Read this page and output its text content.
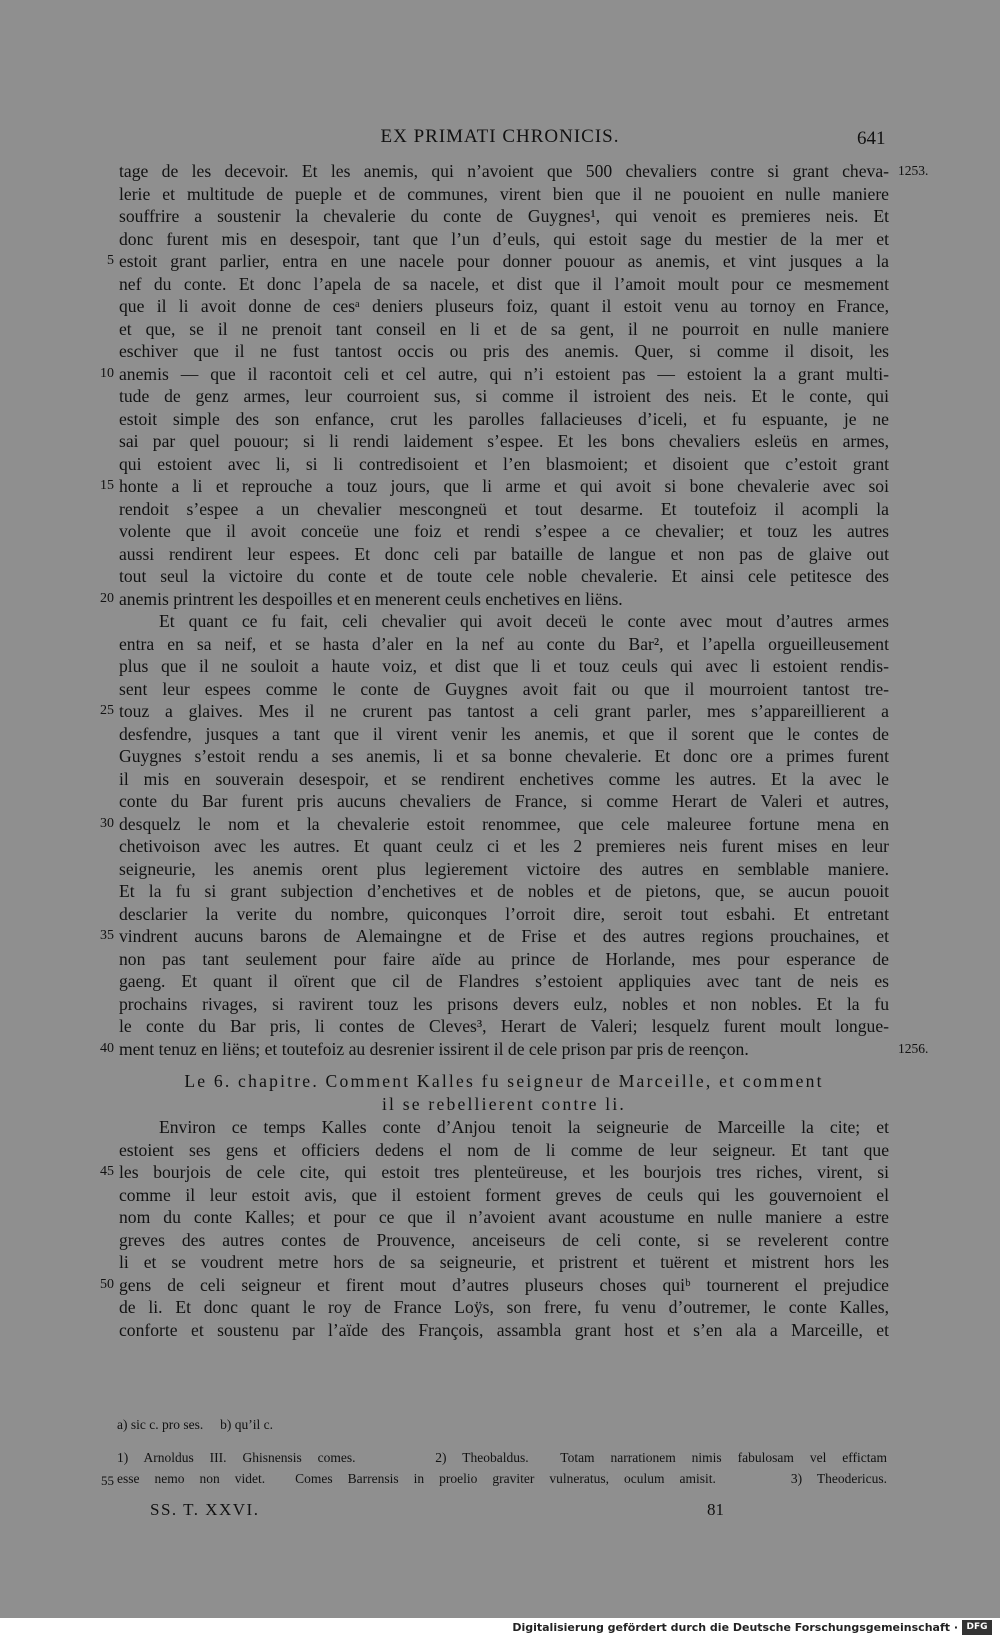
EX PRIMATI CHRONICIS.	641
tage de les decevoir. Et les anemis, qui n’avoient que 500 chevaliers contre si grant cheva- 1253.
lerie et multitude de pueple et de communes, virent bien que il ne pouoient en nulle maniere
souffrire a soustenir la chevalerie du conte de Guygnes¹, qui venoit es premieres neis. Et
donc furent mis en desespoir, tant que l’un d’euls, qui estoit sage du mestier de la mer et
estoit grant parlier, entra en une nacele pour donner pouour as anemis, et vint jusques a la
5
nef du conte. Et donc l’apela de sa nacele, et dist que il l’amoit moult pour ce mesmement
que il li avoit donne de cesᵃ deniers pluseurs foiz, quant il estoit venu au tornoy en France,
et que, se il ne prenoit tant conseil en li et de sa gent, il ne pourroit en nulle maniere
eschiver que il ne fust tantost occis ou pris des anemis. Quer, si comme il disoit, les
anemis — que il racontoit celi et cel autre, qui n’i estoient pas — estoient la a grant multi-
10
tude de genz armes, leur courroient sus, si comme il istroient des neis. Et le conte, qui
estoit simple des son enfance, crut les parolles fallacieuses d’iceli, et fu espuante, je ne
sai par quel pouour; si li rendi laidement s’espee. Et les bons chevaliers esleüs en armes,
qui estoient avec li, si li contredisoient et l’en blasmoient; et disoient que c’estoit grant
honte a li et reprouche a touz jours, que li arme et qui avoit si bone chevalerie avec soi
15
rendoit s’espee a un chevalier mescongneü et tout desarme. Et toutefoiz il acompli la
volente que il avoit conceüe une foiz et rendi s’espee a ce chevalier; et touz les autres
aussi rendirent leur espees. Et donc celi par bataille de langue et non pas de glaive out
tout seul la victoire du conte et de toute cele noble chevalerie. Et ainsi cele petitesce des
anemis printrent les despoilles et en menerent ceuls enchetives en liëns.
20
Et quant ce fu fait, celi chevalier qui avoit deceü le conte avec mout d’autres armes
entra en sa neif, et se hasta d’aler en la nef au conte du Bar², et l’apella orgueilleusement
plus que il ne souloit a haute voiz, et dist que li et touz ceuls qui avec li estoient rendis-
sent leur espees comme le conte de Guygnes avoit fait ou que il mourroient tantost tre-
touz a glaives. Mes il ne crurent pas tantost a celi grant parler, mes s’appareillierent a
25
desfendre, jusques a tant que il virent venir les anemis, et que il sorent que le contes de
Guygnes s’estoit rendu a ses anemis, li et sa bonne chevalerie. Et donc ore a primes furent
il mis en souverain desespoir, et se rendirent enchetives comme les autres. Et la avec le
conte du Bar furent pris aucuns chevaliers de France, si comme Herart de Valeri et autres,
desquelz le nom et la chevalerie estoit renommee, que cele maleuree fortune mena en
30
chetivoison avec les autres. Et quant ceulz ci et les 2 premieres neis furent mises en leur
seigneurie, les anemis orent plus legierement victoire des autres en semblable maniere.
Et la fu si grant subjection d’enchetives et de nobles et de pietons, que, se aucun pouoit
desclarier la verite du nombre, quiconques l’orroit dire, seroit tout esbahi. Et entretant
vindrent aucuns barons de Alemaingne et de Frise et des autres regions prouchaines, et
35
non pas tant seulement pour faire aïde au prince de Horlande, mes pour esperance de
gaeng. Et quant il oïrent que cil de Flandres s’estoient appliquies avec tant de neis es
prochains rivages, si ravirent touz les prisons devers eulz, nobles et non nobles. Et la fu
le conte du Bar pris, li contes de Cleves³, Herart de Valeri; lesquelz furent moult longue-
ment tenuz en liëns; et toutefoiz au desrenier issirent il de cele prison par pris de reençon.
40	1256.
Le 6. chapitre. Comment Kalles fu seigneur de Marceille, et comment
il se rebellierent contre li.
Environ ce temps Kalles conte d’Anjou tenoit la seigneurie de Marceille la cite; et
estoient ses gens et officiers dedens el nom de li comme de leur seigneur. Et tant que
les bourjois de cele cite, qui estoit tres plenteüreuse, et les bourjois tres riches, virent, si
45
comme il leur estoit avis, que il estoient forment greves de ceuls qui les gouvernoient el
nom du conte Kalles; et pour ce que il n’avoient avant acoustume en nulle maniere a estre
greves des autres contes de Prouvence, anceiseurs de celi conte, si se revelerent contre
li et se voudrent metre hors de sa seigneurie, et pristrent et tuërent et mistrent hors les
gens de celi seigneur et firent mout d’autres pluseurs choses quiᵇ tournerent el prejudice
50
de li. Et donc quant le roy de France Loÿs, son frere, fu venu d’outremer, le conte Kalles,
conforte et soustenu par l’aïde des François, assambla grant host et s’en ala a Marceille, et
a) sic c. pro ses.     b) qu’il c.
1) Arnoldus III. Ghisnensis comes.     2) Theobaldus.  Totam narrationem nimis fabulosam vel effictam
esse nemo non videt.  Comes Barrensis in proelio graviter vulneratus, oculum amisit.     3) Theodericus.
55
SS. T. XXVI.	81
Digitalisierung gefördert durch die Deutsche Forschungsgemeinschaft · DFG
